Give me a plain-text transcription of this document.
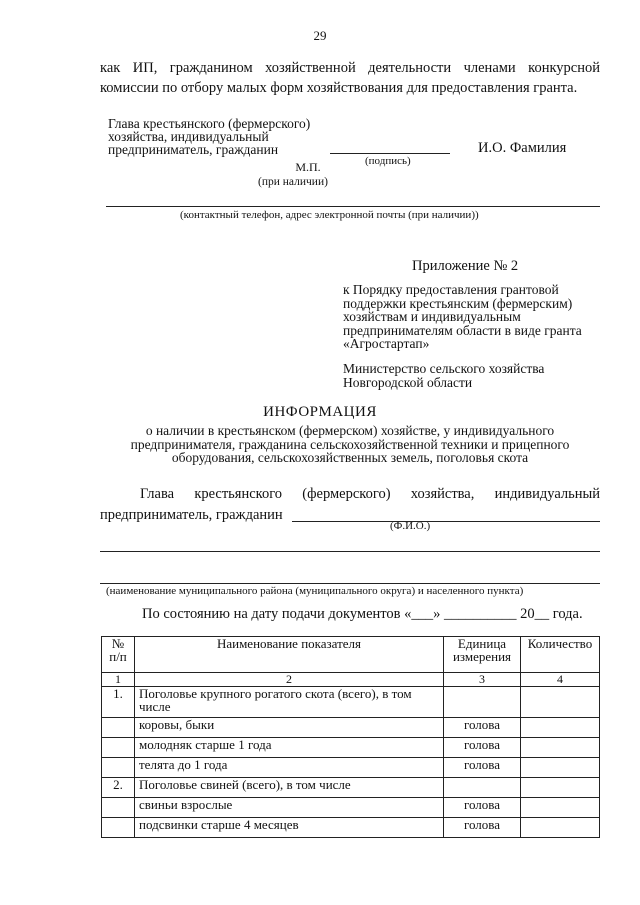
29
как ИП, гражданином хозяйственной деятельности членами конкурсной
комиссии по отбору малых форм хозяйствования для предоставления гранта.
Глава крестьянского (фермерского) хозяйства, индивидуальный предприниматель, гражданин
(подпись)
И.О. Фамилия
М.П.
(при наличии)
(контактный телефон, адрес электронной почты (при наличии))
Приложение № 2
к Порядку предоставления грантовой поддержки крестьянским (фермерским) хозяйствам и индивидуальным предпринимателям области в виде гранта «Агростартап»
Министерство сельского хозяйства Новгородской области
ИНФОРМАЦИЯ
о наличии в крестьянском (фермерском) хозяйстве, у индивидуального предпринимателя, гражданина сельскохозяйственной техники и прицепного оборудования, сельскохозяйственных земель, поголовья скота
Глава крестьянского (фермерского) хозяйства, индивидуальный
предприниматель, гражданин
(Ф.И.О.)
(наименование муниципального района (муниципального округа) и населенного пункта)
По состоянию на дату подачи документов «___» __________ 20__ года.
№ п/п	Наименование показателя	Единица измерения	Количество
1	2	3	4
1.	Поголовье крупного рогатого скота (всего), в том числе		
	коровы, быки	голова	
	молодняк старше 1 года	голова	
	телята до 1 года	голова	
2.	Поголовье свиней (всего), в том числе		
	свиньи взрослые	голова	
	подсвинки старше 4 месяцев	голова	
